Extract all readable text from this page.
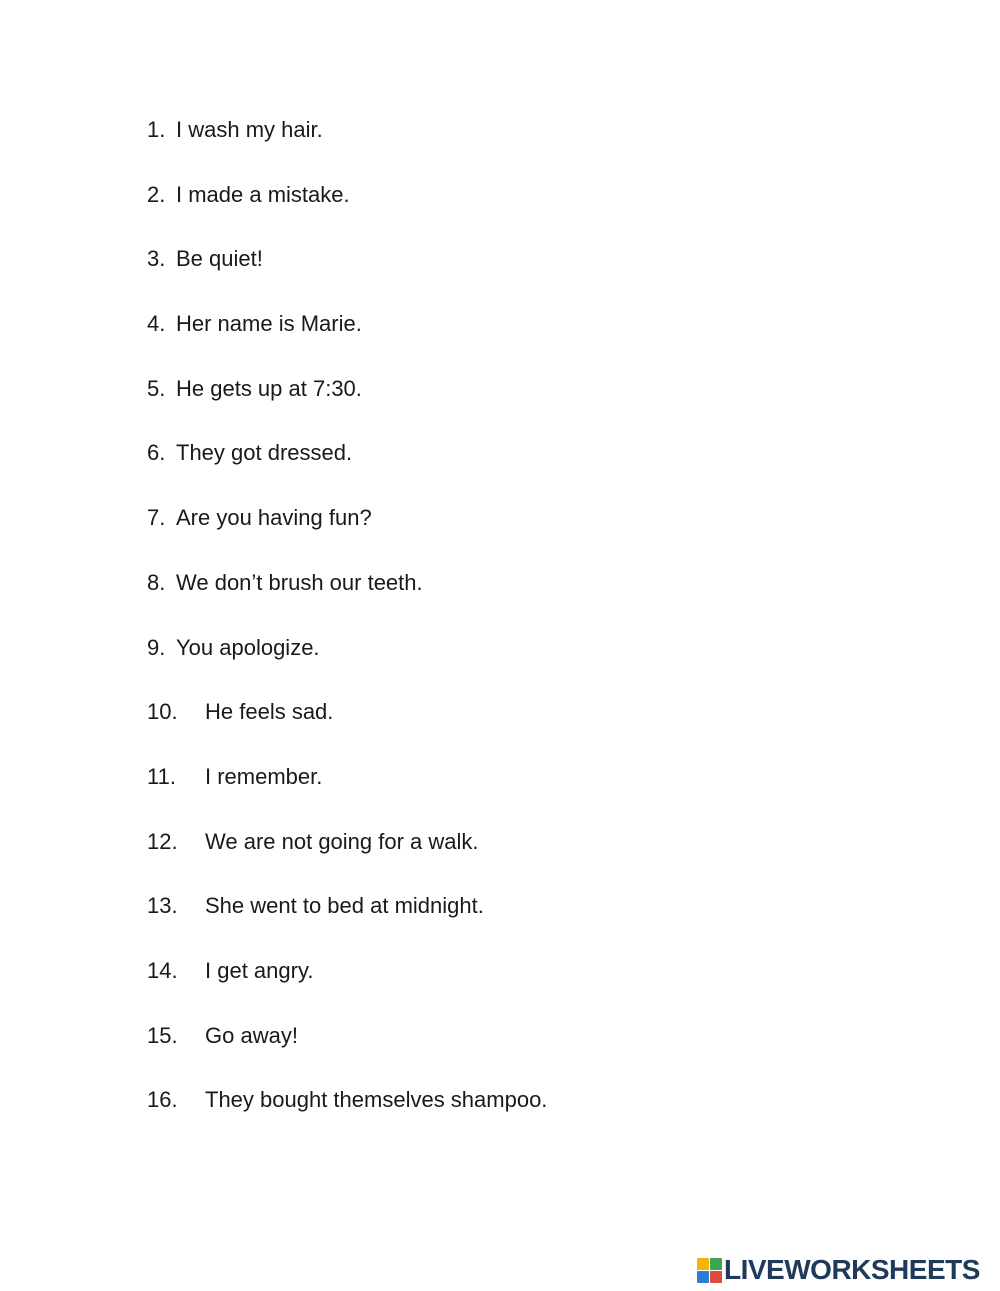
1. I wash my hair.
2. I made a mistake.
3. Be quiet!
4. Her name is Marie.
5. He gets up at 7:30.
6. They got dressed.
7. Are you having fun?
8. We don’t brush our teeth.
9. You apologize.
10.	He feels sad.
11.	I remember.
12.	We are not going for a walk.
13.	She went to bed at midnight.
14.	I get angry.
15.	Go away!
16.	They bought themselves shampoo.
LIVEWORKSHEETS
